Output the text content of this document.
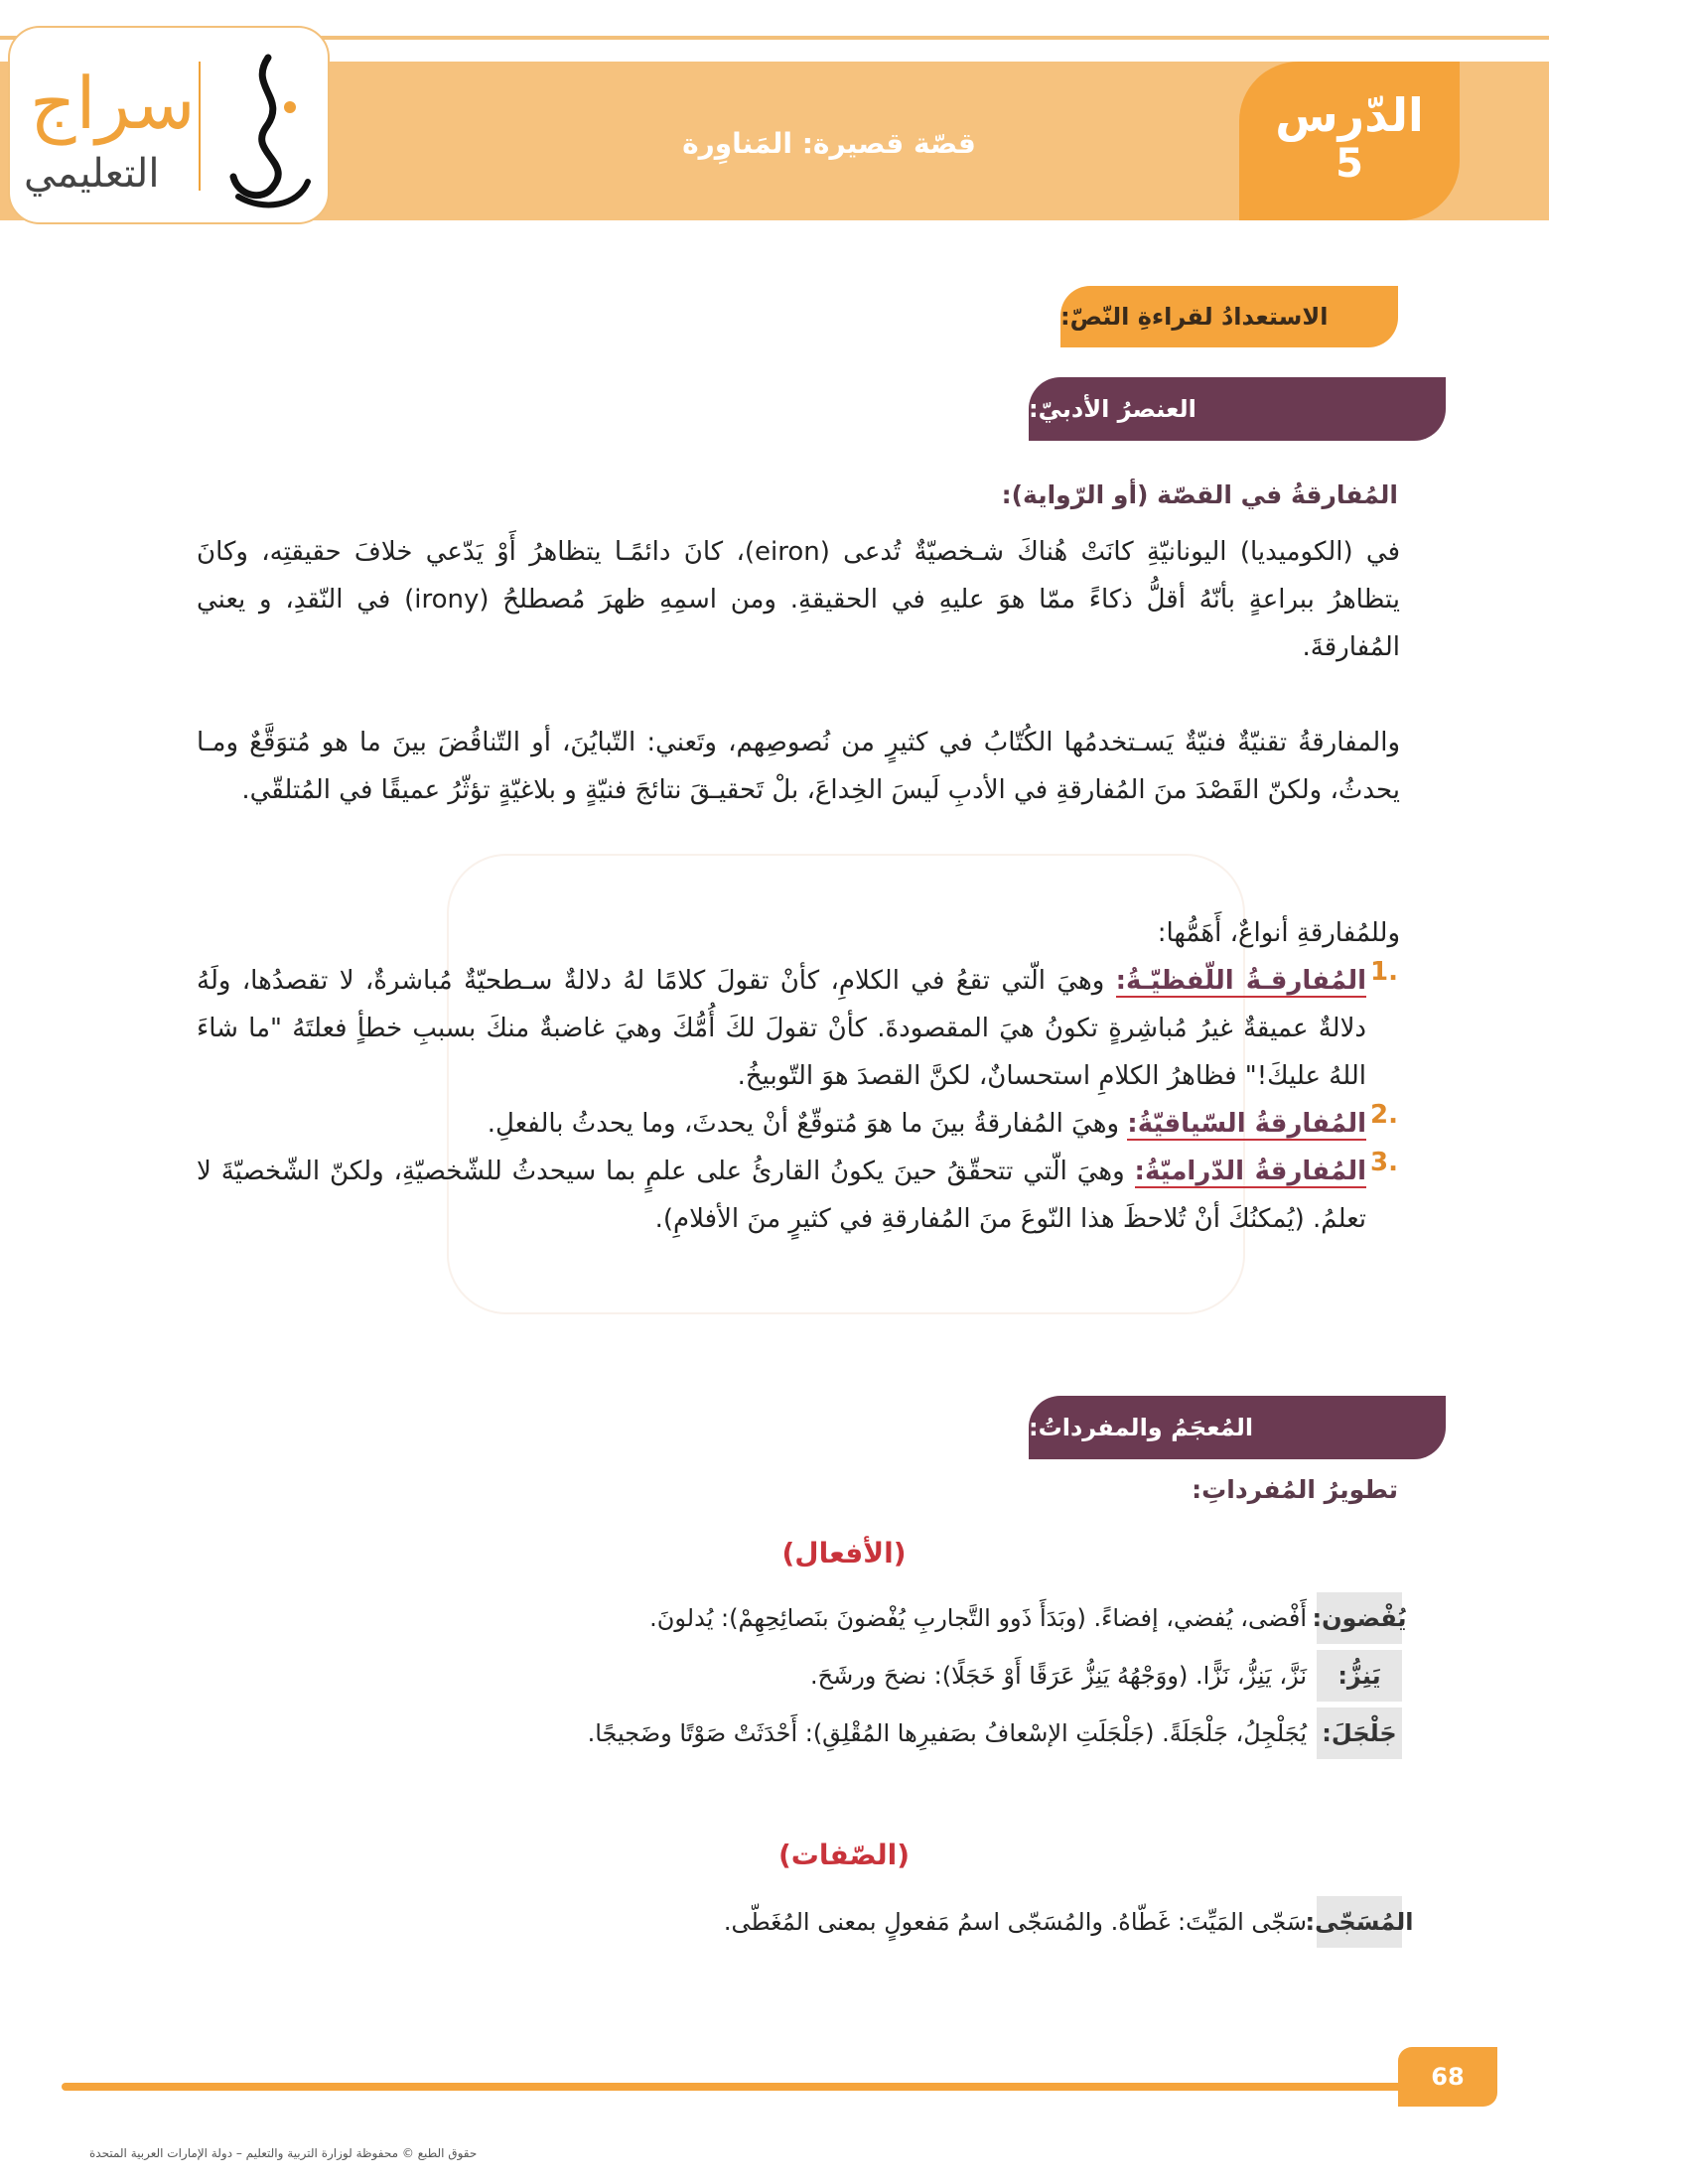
قصّة قصيرة: المَناوِرة
الدّرس
5
سراج
التعليمي
الاستعدادُ لقراءةِ النّصّ:
العنصرُ الأدبيّ:
المُفارقةُ في القصّة (أو الرّواية):
في (الكوميديا) اليونانيّةِ كانَتْ هُناكَ شـخصيّةٌ تُدعى (eiron)، كانَ دائمًـا يتظاهرُ أَوْ يَدّعي خلافَ حقيقتِه، وكانَ يتظاهرُ ببراعةٍ بأنّهُ أقلُّ ذكاءً ممّا هوَ عليهِ في الحقيقةِ. ومن اسمِهِ ظهرَ مُصطلحُ (irony) في النّقدِ، و يعني المُفارقةَ.
والمفارقةُ تقنيّةٌ فنيّةٌ يَسـتخدمُها الكُتّابُ في كثيرٍ من نُصوصِهم، وتَعني: التّبايُنَ، أو التّناقُضَ بينَ ما هو مُتوَقَّعٌ ومـا يحدثُ، ولكنّ القَصْدَ منَ المُفارقةِ في الأدبِ لَيسَ الخِداعَ، بلْ تَحقيـقَ نتائجَ فنيّةٍ و بلاغيّةٍ تؤثّرُ عميقًا في المُتلقّي.
وللمُفارقةِ أنواعٌ، أَهَمُّها:
1.
المُفارقـةُ اللّفظيّـةُ: وهيَ الّتي تقعُ في الكلامِ، كأنْ تقولَ كلامًا لهُ دلالةٌ سـطحيّةٌ مُباشرةٌ، لا تقصدُها، ولَهُ دلالةٌ عميقةٌ غيرُ مُباشِرةٍ تكونُ هيَ المقصودةَ. كأنْ تقولَ لكَ أُمُّكَ وهيَ غاضبةٌ منكَ بسببِ خطأٍ فعلتَهُ "ما شاءَ اللهُ عليكَ!" فظاهرُ الكلامِ استحسانٌ، لكنَّ القصدَ هوَ التّوبيخُ.
2.
المُفارقةُ السّياقيّةُ: وهيَ المُفارقةُ بينَ ما هوَ مُتوقّعٌ أنْ يحدثَ، وما يحدثُ بالفعلِ.
3.
المُفارقةُ الدّراميّةُ: وهيَ الّتي تتحقّقُ حينَ يكونُ القارئُ على علمٍ بما سيحدثُ للشّخصيّةِ، ولكنّ الشّخصيّةَ لا تعلمُ. (يُمكنُكَ أنْ تُلاحظَ هذا النّوعَ منَ المُفارقةِ في كثيرٍ منَ الأفلامِ).
المُعجَمُ والمفرداتُ:
تطويرُ المُفرداتِ:
(الأفعال)
يُفْضون:
أَفْضى، يُفضي، إفضاءً. (وبَدَأَ ذَوو التَّجاربِ يُفْضونَ بنَصائِحِهِمْ): يُدلونَ.
يَنِزُّ:
نَزَّ، يَنِزُّ، نَزًّا. (ووَجْهُهُ يَنِزُّ عَرَقًا أَوْ خَجَلًا): نضحَ ورشَحَ.
جَلْجَلَ:
يُجَلْجِلُ، جَلْجَلَةً. (جَلْجَلَتِ الإسْعافُ بصَفيرِها المُقْلِقِ): أَحْدَثَتْ صَوْتًا وضَجيجًا.
(الصّفات)
المُسَجّى:
سَجّى المَيِّتَ: غَطّاهُ. والمُسَجّى اسمُ مَفعولٍ بمعنى المُغَطّى.
68
حقوق الطبع © محفوظة لوزارة التربية والتعليم – دولة الإمارات العربية المتحدة
